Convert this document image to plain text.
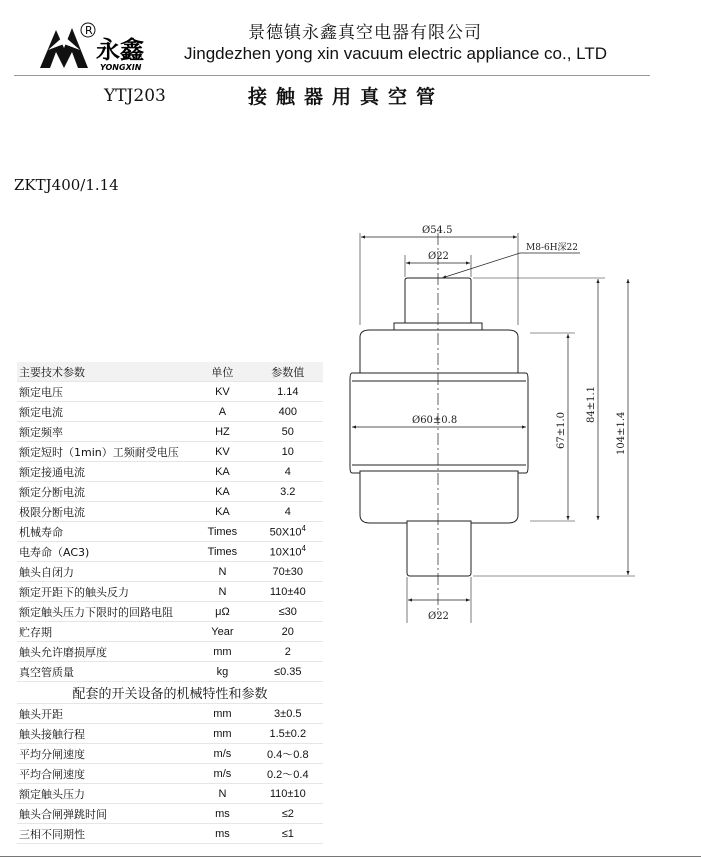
R
永鑫
YONGXIN
景德镇永鑫真空电器有限公司
Jingdezhen yong xin vacuum electric appliance co., LTD
YTJ203	接触器用真空管
ZKTJ400/1.14
主要技术参数	单位	参数值
额定电压	KV	1.14
额定电流	A	400
额定频率	HZ	50
额定短时（1min）工频耐受电压	KV	10
额定接通电流	KA	4
额定分断电流	KA	3.2
极限分断电流	KA	4
机械寿命	Times	$50X10^4$
电寿命（AC3)	Times	$10X10^4$
触头自闭力	N	70±30
额定开距下的触头反力	N	110±40
额定触头压力下限时的回路电阻	μΩ	≤30
贮存期	Year	20
触头允许磨损厚度	mm	2
真空管质量	kg	≤0.35
配套的开关设备的机械特性和参数		
触头开距	mm	3±0.5
触头接触行程	mm	1.5±0.2
平均分闸速度	m/s	0.4～0.8
平均合闸速度	m/s	0.2～0.4
额定触头压力	N	110±10
触头合闸弹跳时间	ms	≤2
三相不同期性	ms	≤1
Ø54.5
Ø22
M8-6H深22
Ø60±0.8	67±1.0
84±1.1
104±1.4
Ø22
